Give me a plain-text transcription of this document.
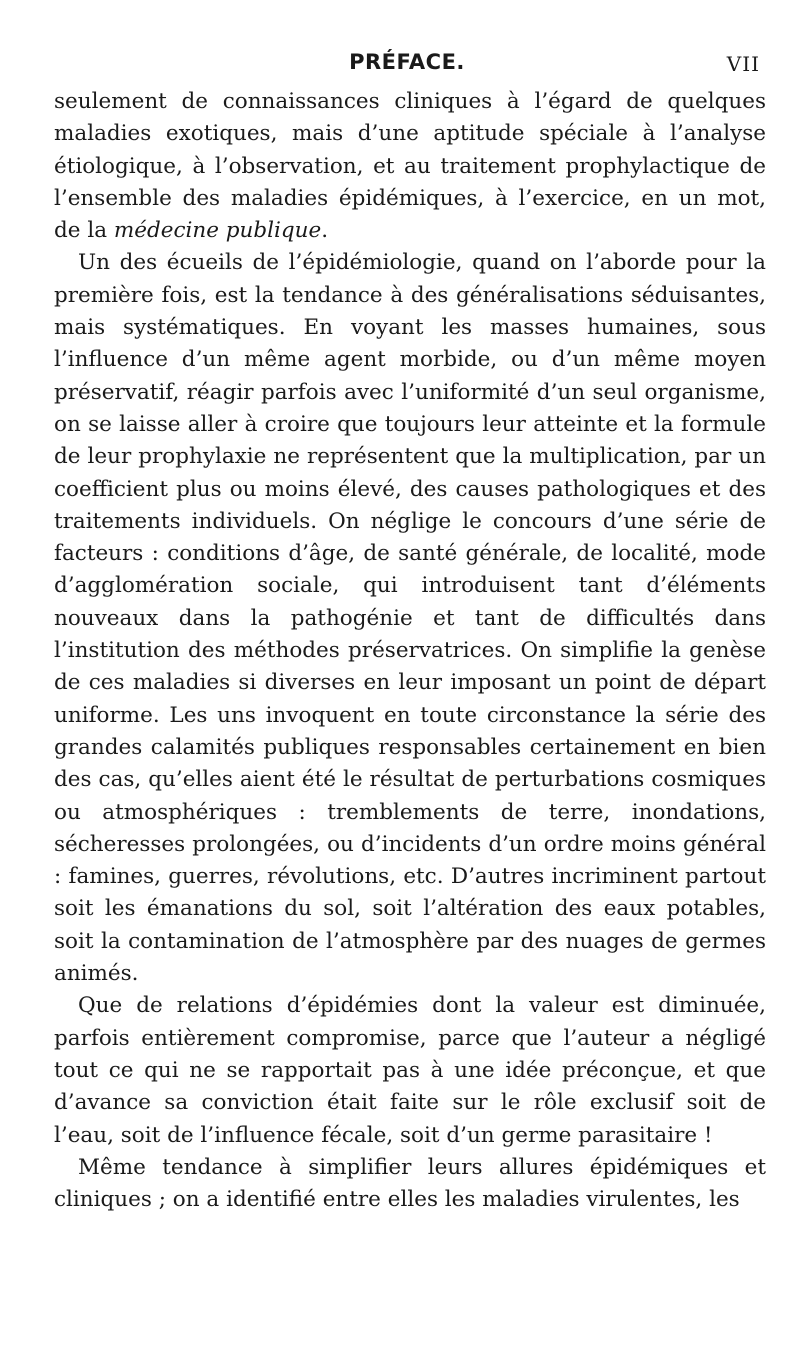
PRÉFACE.	VII

seulement de connaissances cliniques à l’égard de quelques maladies exotiques, mais d’une aptitude spéciale à l’analyse étiologique, à l’observation, et au traitement prophylactique de l’ensemble des maladies épidémiques, à l’exercice, en un mot, de la médecine publique.

Un des écueils de l’épidémiologie, quand on l’aborde pour la première fois, est la tendance à des généralisations séduisantes, mais systématiques. En voyant les masses humaines, sous l’influence d’un même agent morbide, ou d’un même moyen préservatif, réagir parfois avec l’uniformité d’un seul organisme, on se laisse aller à croire que toujours leur atteinte et la formule de leur prophylaxie ne représentent que la multiplication, par un coefficient plus ou moins élevé, des causes pathologiques et des traitements individuels. On néglige le concours d’une série de facteurs : conditions d’âge, de santé générale, de localité, mode d’agglomération sociale, qui introduisent tant d’éléments nouveaux dans la pathogénie et tant de difficultés dans l’institution des méthodes préservatrices. On simplifie la genèse de ces maladies si diverses en leur imposant un point de départ uniforme. Les uns invoquent en toute circonstance la série des grandes calamités publiques responsables certainement en bien des cas, qu’elles aient été le résultat de perturbations cosmiques ou atmosphériques : tremblements de terre, inondations, sécheresses prolongées, ou d’incidents d’un ordre moins général : famines, guerres, révolutions, etc. D’autres incriminent partout soit les émanations du sol, soit l’altération des eaux potables, soit la contamination de l’atmosphère par des nuages de germes animés.

Que de relations d’épidémies dont la valeur est diminuée, parfois entièrement compromise, parce que l’auteur a négligé tout ce qui ne se rapportait pas à une idée préconçue, et que d’avance sa conviction était faite sur le rôle exclusif soit de l’eau, soit de l’influence fécale, soit d’un germe parasitaire !

Même tendance à simplifier leurs allures épidémiques et cliniques ; on a identifié entre elles les maladies virulentes, les
